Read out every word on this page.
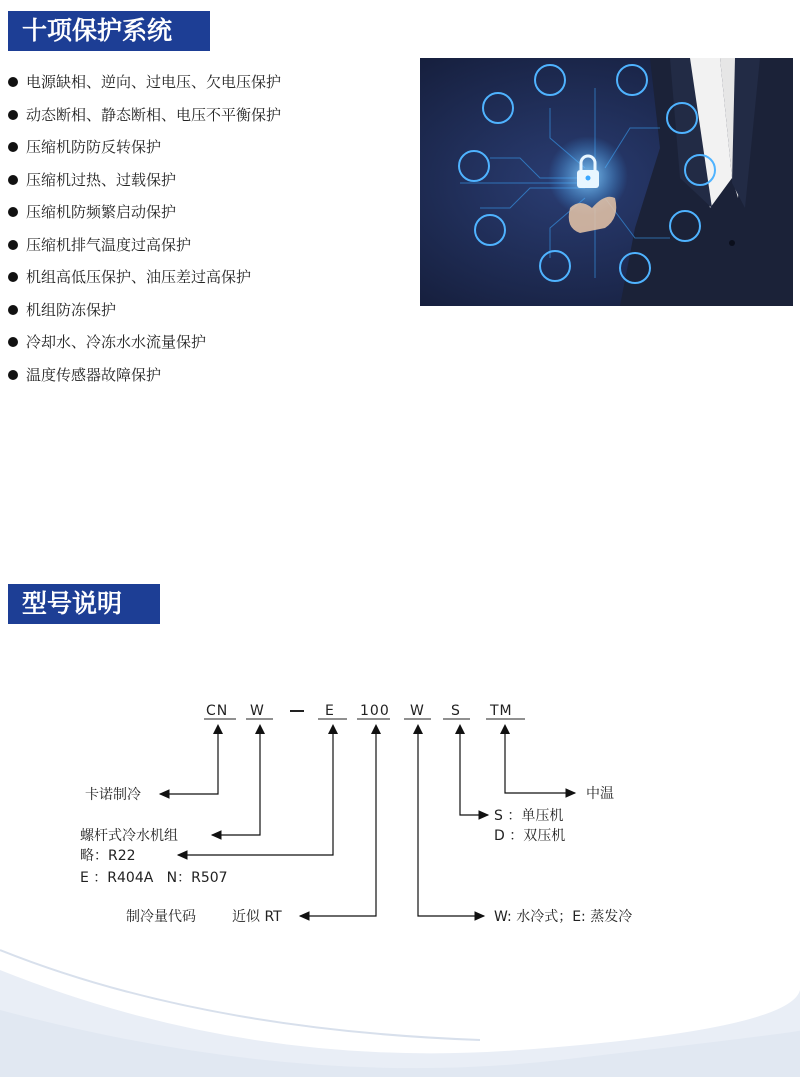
十项保护系统
电源缺相、逆向、过电压、欠电压保护
动态断相、静态断相、电压不平衡保护
压缩机防防反转保护
压缩机过热、过载保护
压缩机防频繁启动保护
压缩机排气温度过高保护
机组高低压保护、油压差过高保护
机组防冻保护
冷却水、冷冻水水流量保护
温度传感器故障保护
型号说明
CN W	E 100 W S TM
卡诺制冷
螺杆式冷水机组
略：R22
E ：R404A   N：R507
制冷量代码	近似 RT	W: 水冷式；E: 蒸发冷
S ：单压机
D ：双压机
中温
